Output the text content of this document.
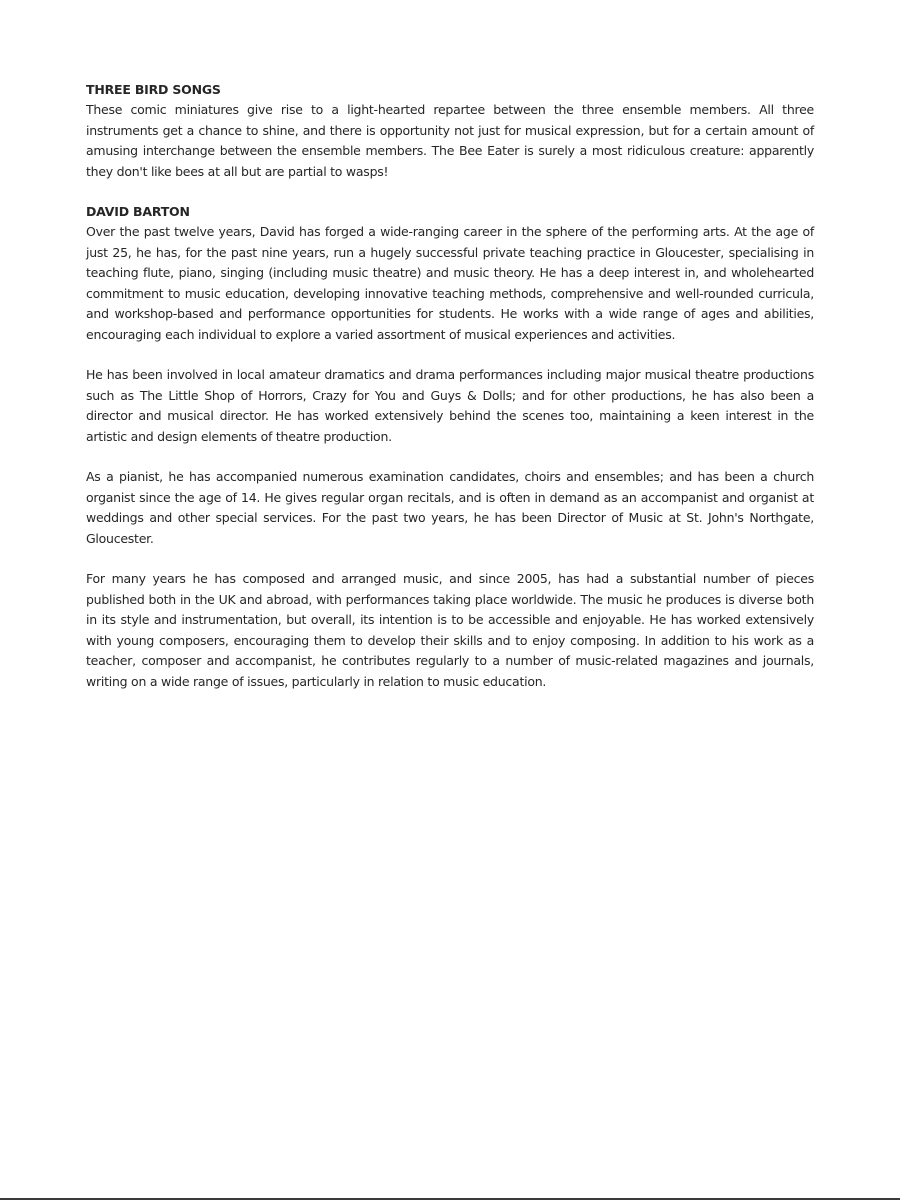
THREE BIRD SONGS

These comic miniatures give rise to a light-hearted repartee between the three ensemble members. All three instruments get a chance to shine, and there is opportunity not just for musical expression, but for a certain amount of amusing interchange between the ensemble members. The Bee Eater is surely a most ridiculous creature: apparently they don't like bees at all but are partial to wasps!

DAVID BARTON

Over the past twelve years, David has forged a wide-ranging career in the sphere of the performing arts. At the age of just 25, he has, for the past nine years, run a hugely successful private teaching practice in Gloucester, specialising in teaching flute, piano, singing (including music theatre) and music theory. He has a deep interest in, and wholehearted commitment to music education, developing innovative teaching methods, comprehensive and well-rounded curricula, and workshop-based and performance opportunities for students. He works with a wide range of ages and abilities, encouraging each individual to explore a varied assortment of musical experiences and activities.

He has been involved in local amateur dramatics and drama performances including major musical theatre productions such as The Little Shop of Horrors, Crazy for You and Guys & Dolls; and for other productions, he has also been a director and musical director. He has worked extensively behind the scenes too, maintaining a keen interest in the artistic and design elements of theatre production.

As a pianist, he has accompanied numerous examination candidates, choirs and ensembles; and has been a church organist since the age of 14. He gives regular organ recitals, and is often in demand as an accompanist and organist at weddings and other special services. For the past two years, he has been Director of Music at St. John's Northgate, Gloucester.

For many years he has composed and arranged music, and since 2005, has had a substantial number of pieces published both in the UK and abroad, with performances taking place worldwide. The music he produces is diverse both in its style and instrumentation, but overall, its intention is to be accessible and enjoyable. He has worked extensively with young composers, encouraging them to develop their skills and to enjoy composing. In addition to his work as a teacher, composer and accompanist, he contributes regularly to a number of music-related magazines and journals, writing on a wide range of issues, particularly in relation to music education.
